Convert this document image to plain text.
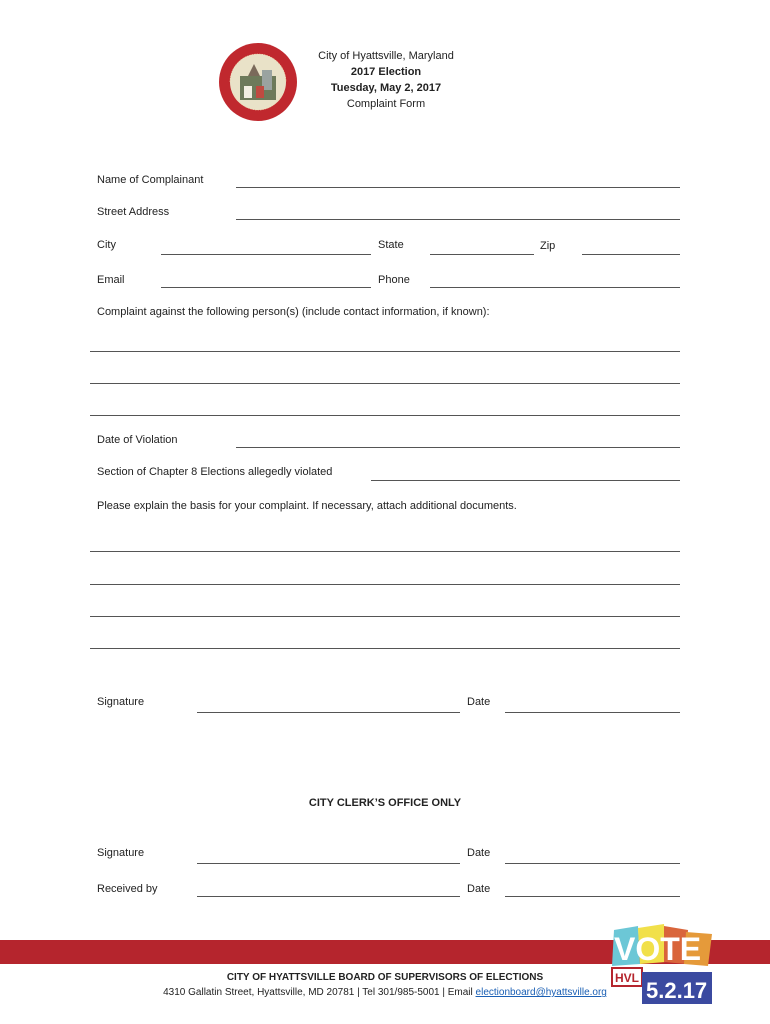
City of Hyattsville, Maryland
2017 Election
Tuesday, May 2, 2017
Complaint Form
Name of Complainant
Street Address
City	State	Zip
Email	Phone
Complaint against the following person(s) (include contact information, if known):
Date of Violation
Section of Chapter 8 Elections allegedly violated
Please explain the basis for your complaint. If necessary, attach additional documents.
Signature	Date
CITY CLERK’S OFFICE ONLY
Signature	Date
Received by	Date
VOTE
HVL 5.2.17
CITY OF HYATTSVILLE BOARD OF SUPERVISORS OF ELECTIONS
4310 Gallatin Street, Hyattsville, MD 20781 | Tel 301/985-5001 | Email electionboard@hyattsville.org
